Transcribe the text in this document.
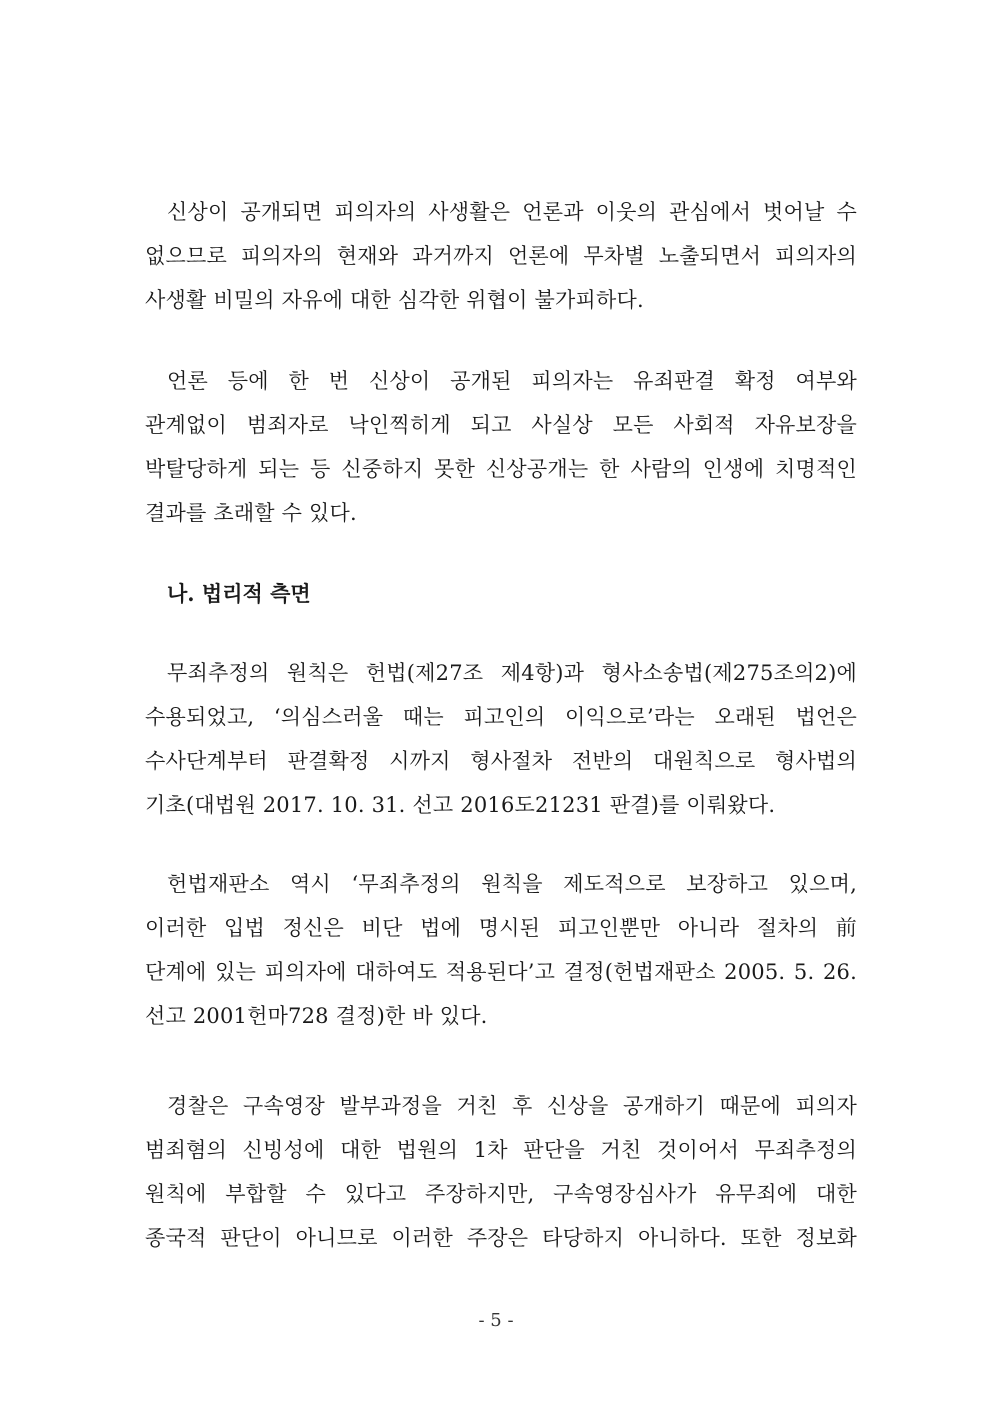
신상이 공개되면 피의자의 사생활은 언론과 이웃의 관심에서 벗어날 수
없으므로 피의자의 현재와 과거까지 언론에 무차별 노출되면서 피의자의
사생활 비밀의 자유에 대한 심각한 위협이 불가피하다.
언론 등에 한 번 신상이 공개된 피의자는 유죄판결 확정 여부와
관계없이 범죄자로 낙인찍히게 되고 사실상 모든 사회적 자유보장을
박탈당하게 되는 등 신중하지 못한 신상공개는 한 사람의 인생에 치명적인
결과를 초래할 수 있다.
나. 법리적 측면
무죄추정의 원칙은 헌법(제27조 제4항)과 형사소송법(제275조의2)에
수용되었고, ‘의심스러울 때는 피고인의 이익으로’라는 오래된 법언은
수사단계부터 판결확정 시까지 형사절차 전반의 대원칙으로 형사법의
기초(대법원 2017. 10. 31. 선고 2016도21231 판결)를 이뤄왔다.
헌법재판소 역시 ‘무죄추정의 원칙을 제도적으로 보장하고 있으며,
이러한 입법 정신은 비단 법에 명시된 피고인뿐만 아니라 절차의 前
단계에 있는 피의자에 대하여도 적용된다’고 결정(헌법재판소 2005. 5. 26.
선고 2001헌마728 결정)한 바 있다.
경찰은 구속영장 발부과정을 거친 후 신상을 공개하기 때문에 피의자
범죄혐의 신빙성에 대한 법원의 1차 판단을 거친 것이어서 무죄추정의
원칙에 부합할 수 있다고 주장하지만, 구속영장심사가 유무죄에 대한
종국적 판단이 아니므로 이러한 주장은 타당하지 아니하다. 또한 정보화
- 5 -
